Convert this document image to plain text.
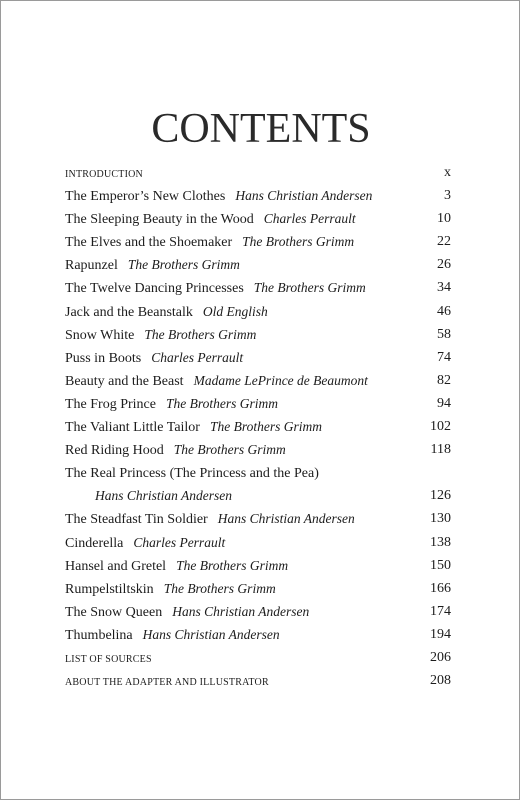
CONTENTS
INTRODUCTION	x
The Emperor’s New Clothes Hans Christian Andersen	3
The Sleeping Beauty in the Wood Charles Perrault	10
The Elves and the Shoemaker The Brothers Grimm	22
Rapunzel The Brothers Grimm	26
The Twelve Dancing Princesses The Brothers Grimm	34
Jack and the Beanstalk Old English	46
Snow White The Brothers Grimm	58
Puss in Boots Charles Perrault	74
Beauty and the Beast Madame LePrince de Beaumont	82
The Frog Prince The Brothers Grimm	94
The Valiant Little Tailor The Brothers Grimm	102
Red Riding Hood The Brothers Grimm	118
The Real Princess (The Princess and the Pea)
Hans Christian Andersen	126
The Steadfast Tin Soldier Hans Christian Andersen	130
Cinderella Charles Perrault	138
Hansel and Gretel The Brothers Grimm	150
Rumpelstiltskin The Brothers Grimm	166
The Snow Queen Hans Christian Andersen	174
Thumbelina Hans Christian Andersen	194
LIST OF SOURCES	206
ABOUT THE ADAPTER AND ILLUSTRATOR	208
